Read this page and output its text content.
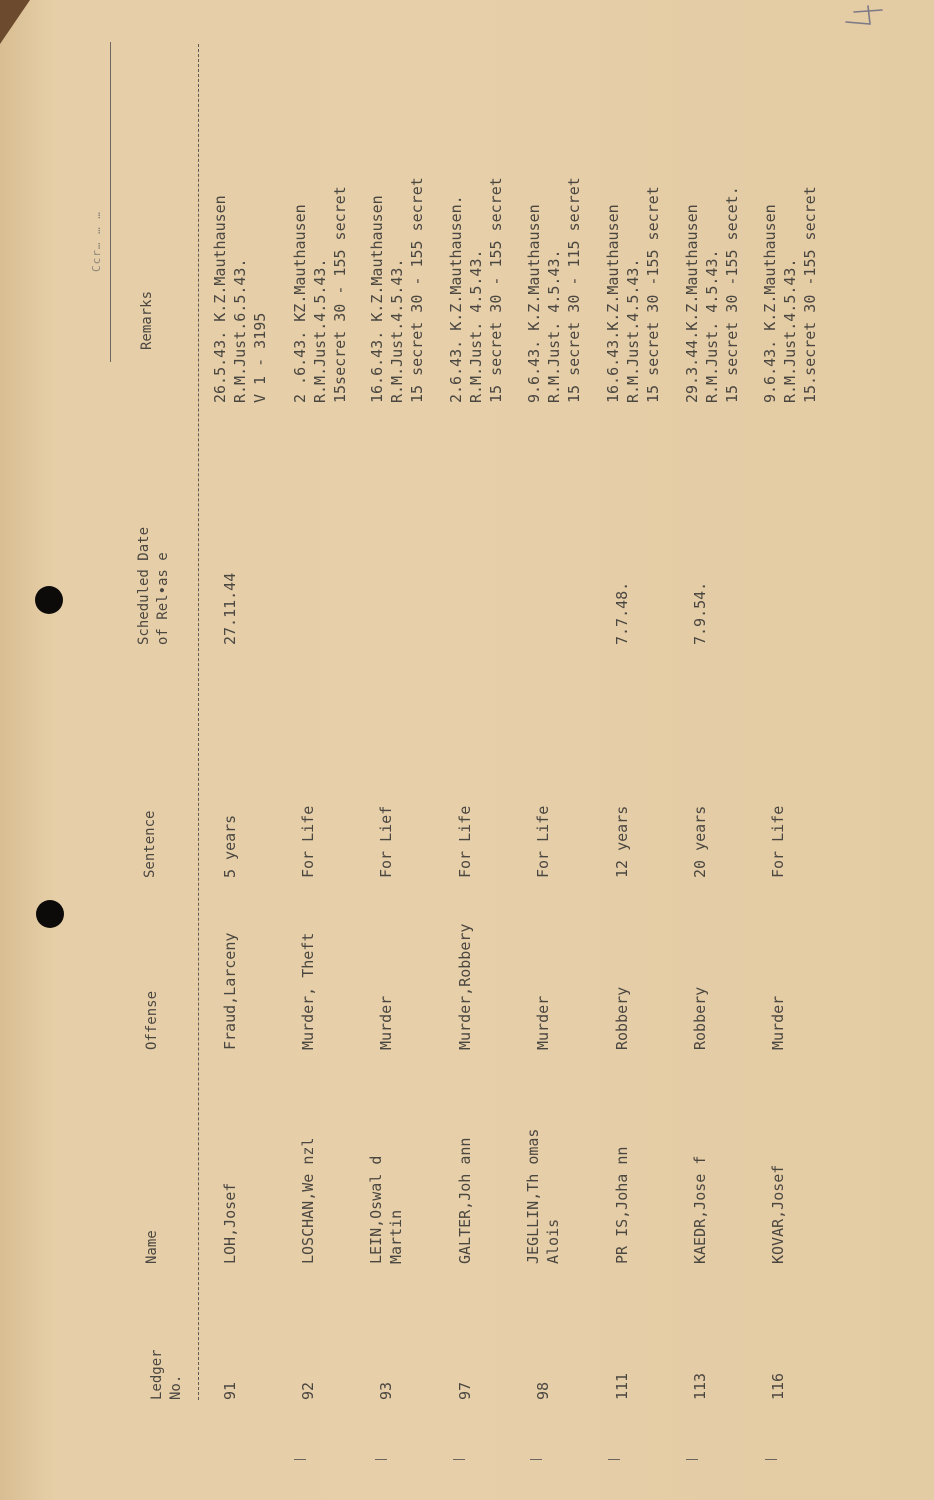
Ccr… … …
Ledger
No.
Name
Offense
Sentence
Scheduled Date
of Rel•as e
Remarks
91
LOH,Josef
Fraud,Larceny
5 years
27.11.44
26.5.43. K.Z.Mauthausen
R.M.Just.6.5.43.
V 1 - 3195
92
LOSCHAN,We nzl
Murder, Theft
For Life
2 .6.43. KZ.Mauthausen
R.M.Just.4.5.43.
15secret 30 - 155 secret
93
LEIN,Oswal d
Martin
Murder
For Lief
16.6.43. K.Z.Mauthausen
R.M.Just.4.5.43.
15 secret 30 - 155 secret
97
GALTER,Joh ann
Murder,Robbery
For Life
2.6.43. K.Z.Mauthausen.
R.M.Just. 4.5.43.
15 secret 30 - 155 secret
98
JEGLLIN,Th omas
Alois
Murder
For Life
9.6.43. K.Z.Mauthausen
R.M.Just. 4.5.43.
15 secret 30 - 115 secret
111
PR IS,Joha nn
Robbery
12 years
7.7.48.
16.6.43.K.Z.Mauthausen
R.M.Just.4.5.43.
15 secret 30 -155 secret
113
KAEDR,Jose f
Robbery
20 years
7.9.54.
29.3.44.K.Z.Mauthausen
R.M.Just. 4.5.43.
15 secret 30 -155 secet.
116
KOVAR,Josef
Murder
For Life
9.6.43. K.Z.Mauthausen
R.M.Just.4.5.43.
15.secret 30 -155 secret
